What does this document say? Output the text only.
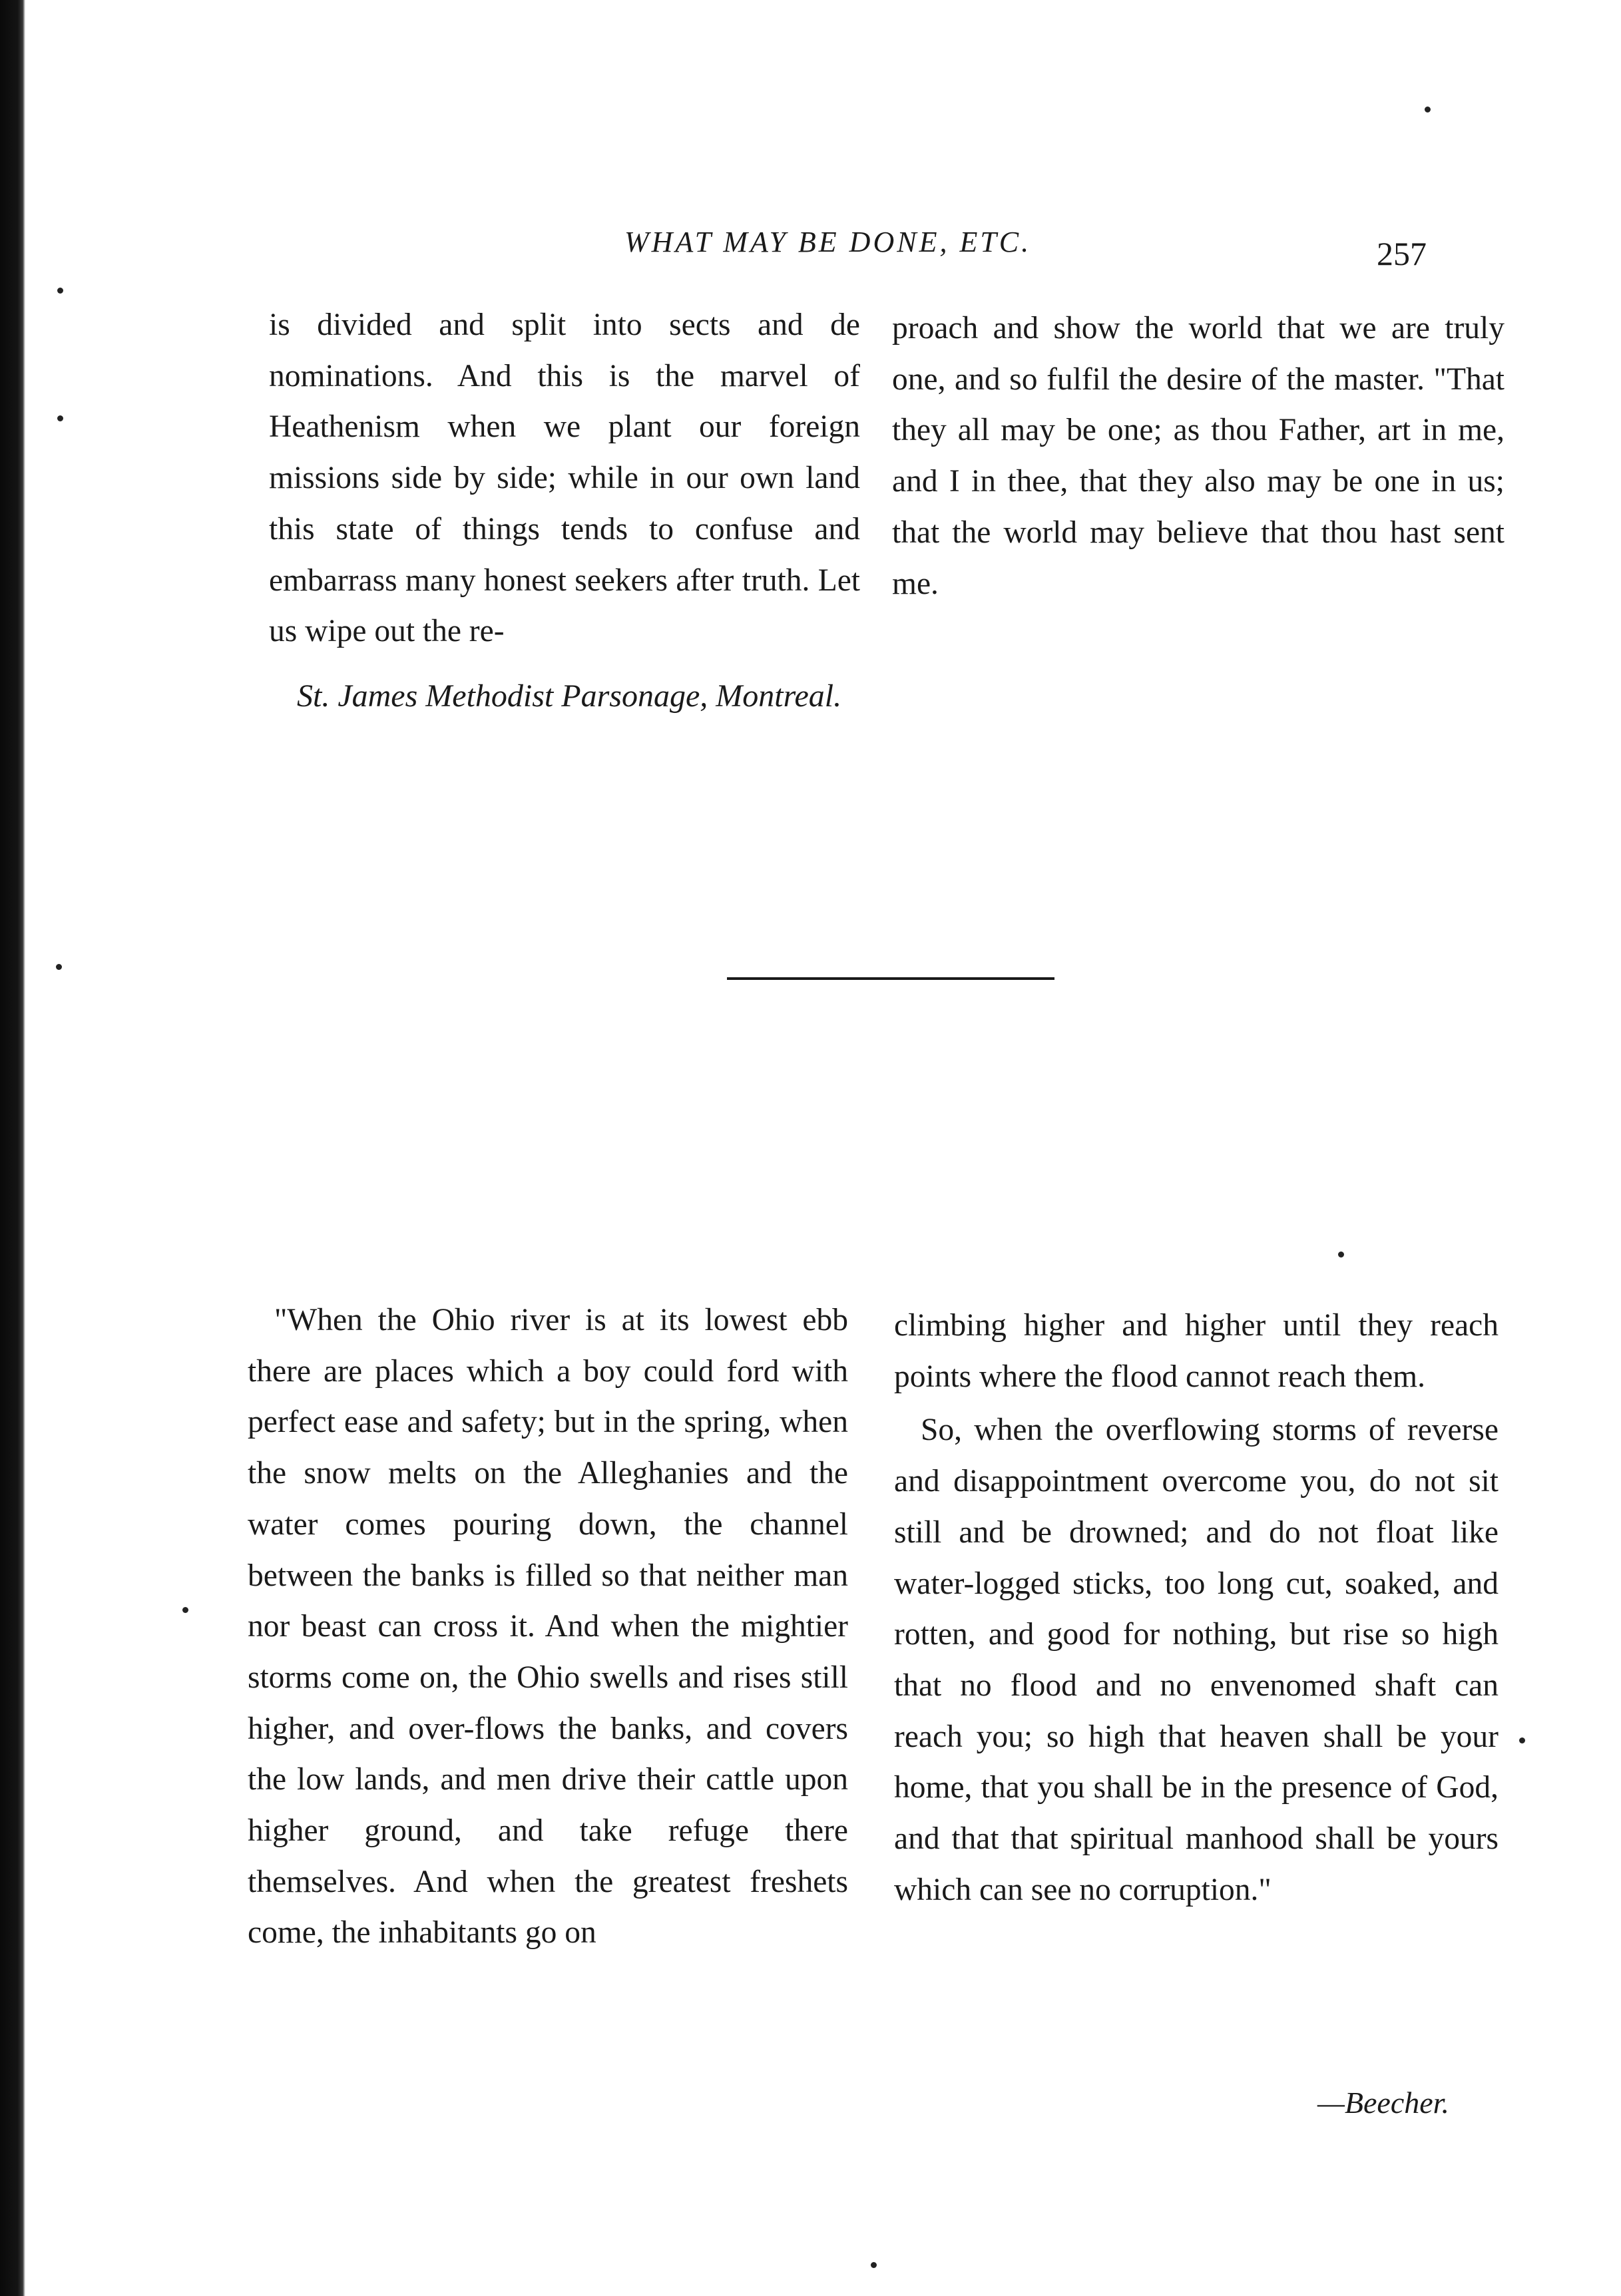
WHAT MAY BE DONE, ETC.	257

is divided and split into sects and de nominations. And this is the marvel of Heathenism when we plant our foreign missions side by side; while in our own land this state of things tends to confuse and embarrass many honest seekers after truth. Let us wipe out the re-

proach and show the world that we are truly one, and so fulfil the desire of the master. "That they all may be one; as thou Father, art in me, and I in thee, that they also may be one in us; that the world may believe that thou hast sent me.

St. James Methodist Parsonage, Montreal.

"When the Ohio river is at its lowest ebb there are places which a boy could ford with perfect ease and safety; but in the spring, when the snow melts on the Alleghanies and the water comes pouring down, the channel between the banks is filled so that neither man nor beast can cross it. And when the mightier storms come on, the Ohio swells and rises still higher, and over-flows the banks, and covers the low lands, and men drive their cattle upon higher ground, and take refuge there themselves. And when the greatest freshets come, the inhabitants go on

climbing higher and higher until they reach points where the flood cannot reach them.

So, when the overflowing storms of reverse and disappointment overcome you, do not sit still and be drowned; and do not float like water-logged sticks, too long cut, soaked, and rotten, and good for nothing, but rise so high that no flood and no envenomed shaft can reach you; so high that heaven shall be your home, that you shall be in the presence of God, and that that spiritual manhood shall be yours which can see no corruption."

—Beecher.
